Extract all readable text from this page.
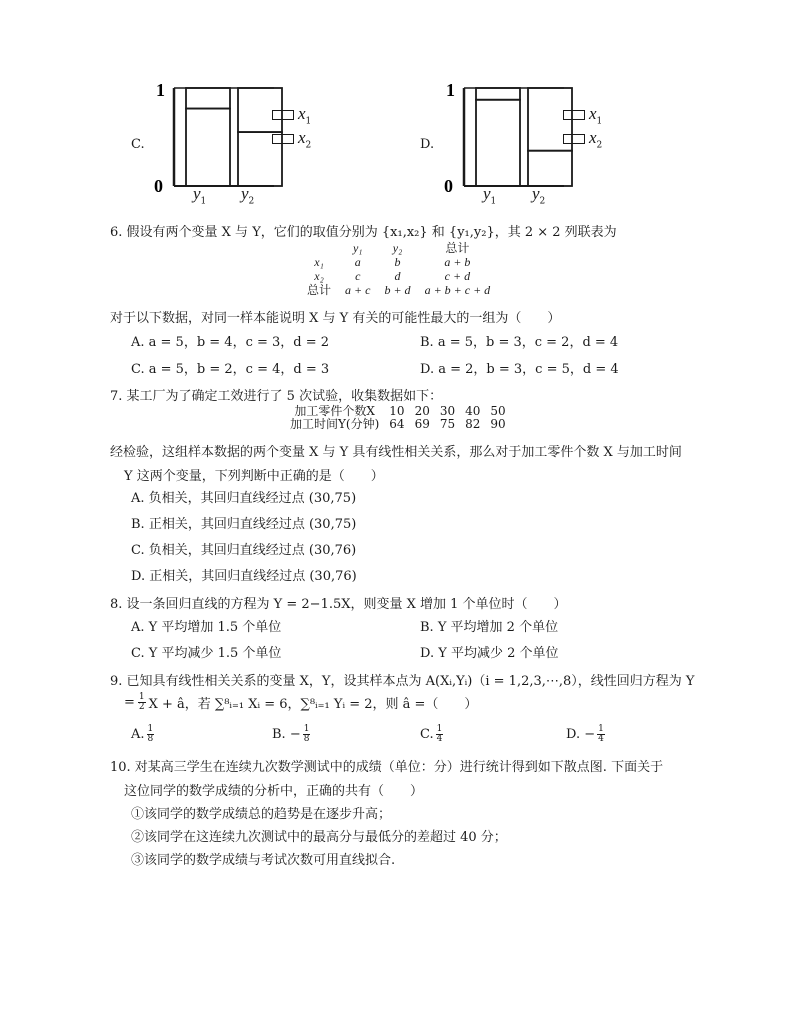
C.
1
0 $y_1$ $y_2$
$x_1$
$x_2$	D.
1
0 $y_1$ $y_2$
$x_1$
$x_2$
6. 假设有两个变量 X 与 Y，它们的取值分别为 {x₁,x₂} 和 {y₁,y₂}，其 2 × 2 列联表为
	y₁	y₂	总计
x₁	a	b	a + b
x₂	c	d	c + d
总计	a + c	b + d	a + b + c + d
对于以下数据，对同一样本能说明 X 与 Y 有关的可能性最大的一组为（　　）
A. a = 5，b = 4，c = 3，d = 2	B. a = 5，b = 3，c = 2，d = 4
C. a = 5，b = 2，c = 4，d = 3	D. a = 2，b = 3，c = 5，d = 4
7. 某工厂为了确定工效进行了 5 次试验，收集数据如下：
加工零件个数X	10	20	30	40	50
加工时间Y(分钟)	64	69	75	82	90
经检验，这组样本数据的两个变量 X 与 Y 具有线性相关关系，那么对于加工零件个数 X 与加工时间
Y 这两个变量，下列判断中正确的是（　　）
A. 负相关，其回归直线经过点 (30,75)
B. 正相关，其回归直线经过点 (30,75)
C. 负相关，其回归直线经过点 (30,76)
D. 正相关，其回归直线经过点 (30,76)
8. 设一条回归直线的方程为 Y = 2−1.5X，则变量 X 增加 1 个单位时（　　）
A. Y 平均增加 1.5 个单位	B. Y 平均增加 2 个单位
C. Y 平均减少 1.5 个单位	D. Y 平均减少 2 个单位
9. 已知具有线性相关关系的变量 X，Y，设其样本点为 A(Xᵢ,Yᵢ)（i = 1,2,3,⋯,8），线性回归方程为 Y
= $\frac{1}{2}$ X + â，若 ∑⁸ᵢ₌₁ Xᵢ = 6，∑⁸ᵢ₌₁ Yᵢ = 2，则 â =（　　）
A. $\frac{1}{8}$	B. − $\frac{1}{8}$	C. $\frac{1}{4}$	D. − $\frac{1}{4}$
10. 对某高三学生在连续九次数学测试中的成绩（单位：分）进行统计得到如下散点图. 下面关于
这位同学的数学成绩的分析中，正确的共有（　　）
①该同学的数学成绩总的趋势是在逐步升高；
②该同学在这连续九次测试中的最高分与最低分的差超过 40 分；
③该同学的数学成绩与考试次数可用直线拟合.
